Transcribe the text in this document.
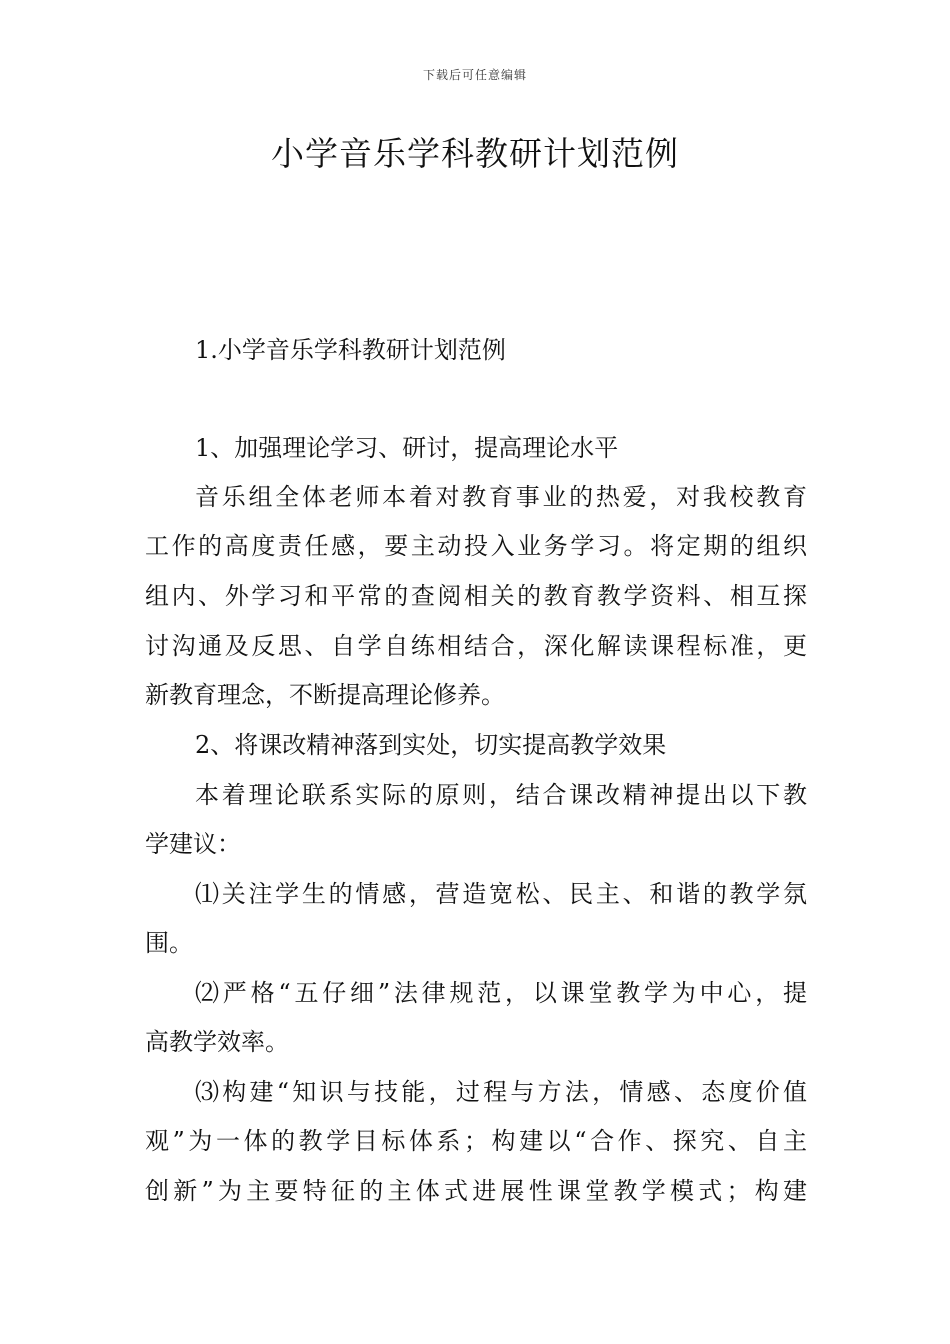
下载后可任意编辑
小学音乐学科教研计划范例

1.小学音乐学科教研计划范例

1、加强理论学习、研讨，提高理论水平

音乐组全体老师本着对教育事业的热爱，对我校教育

工作的高度责任感，要主动投入业务学习。将定期的组织

组内、外学习和平常的查阅相关的教育教学资料、相互探

讨沟通及反思、自学自练相结合，深化解读课程标准，更

新教育理念，不断提高理论修养。

2、将课改精神落到实处，切实提高教学效果

本着理论联系实际的原则，结合课改精神提出以下教

学建议：

⑴关注学生的情感，营造宽松、民主、和谐的教学氛

围。

⑵严格“五仔细”法律规范，以课堂教学为中心，提

高教学效率。

⑶构建“知识与技能，过程与方法，情感、态度价值

观”为一体的教学目标体系；构建以“合作、探究、自主

创新”为主要特征的主体式进展性课堂教学模式；构建
